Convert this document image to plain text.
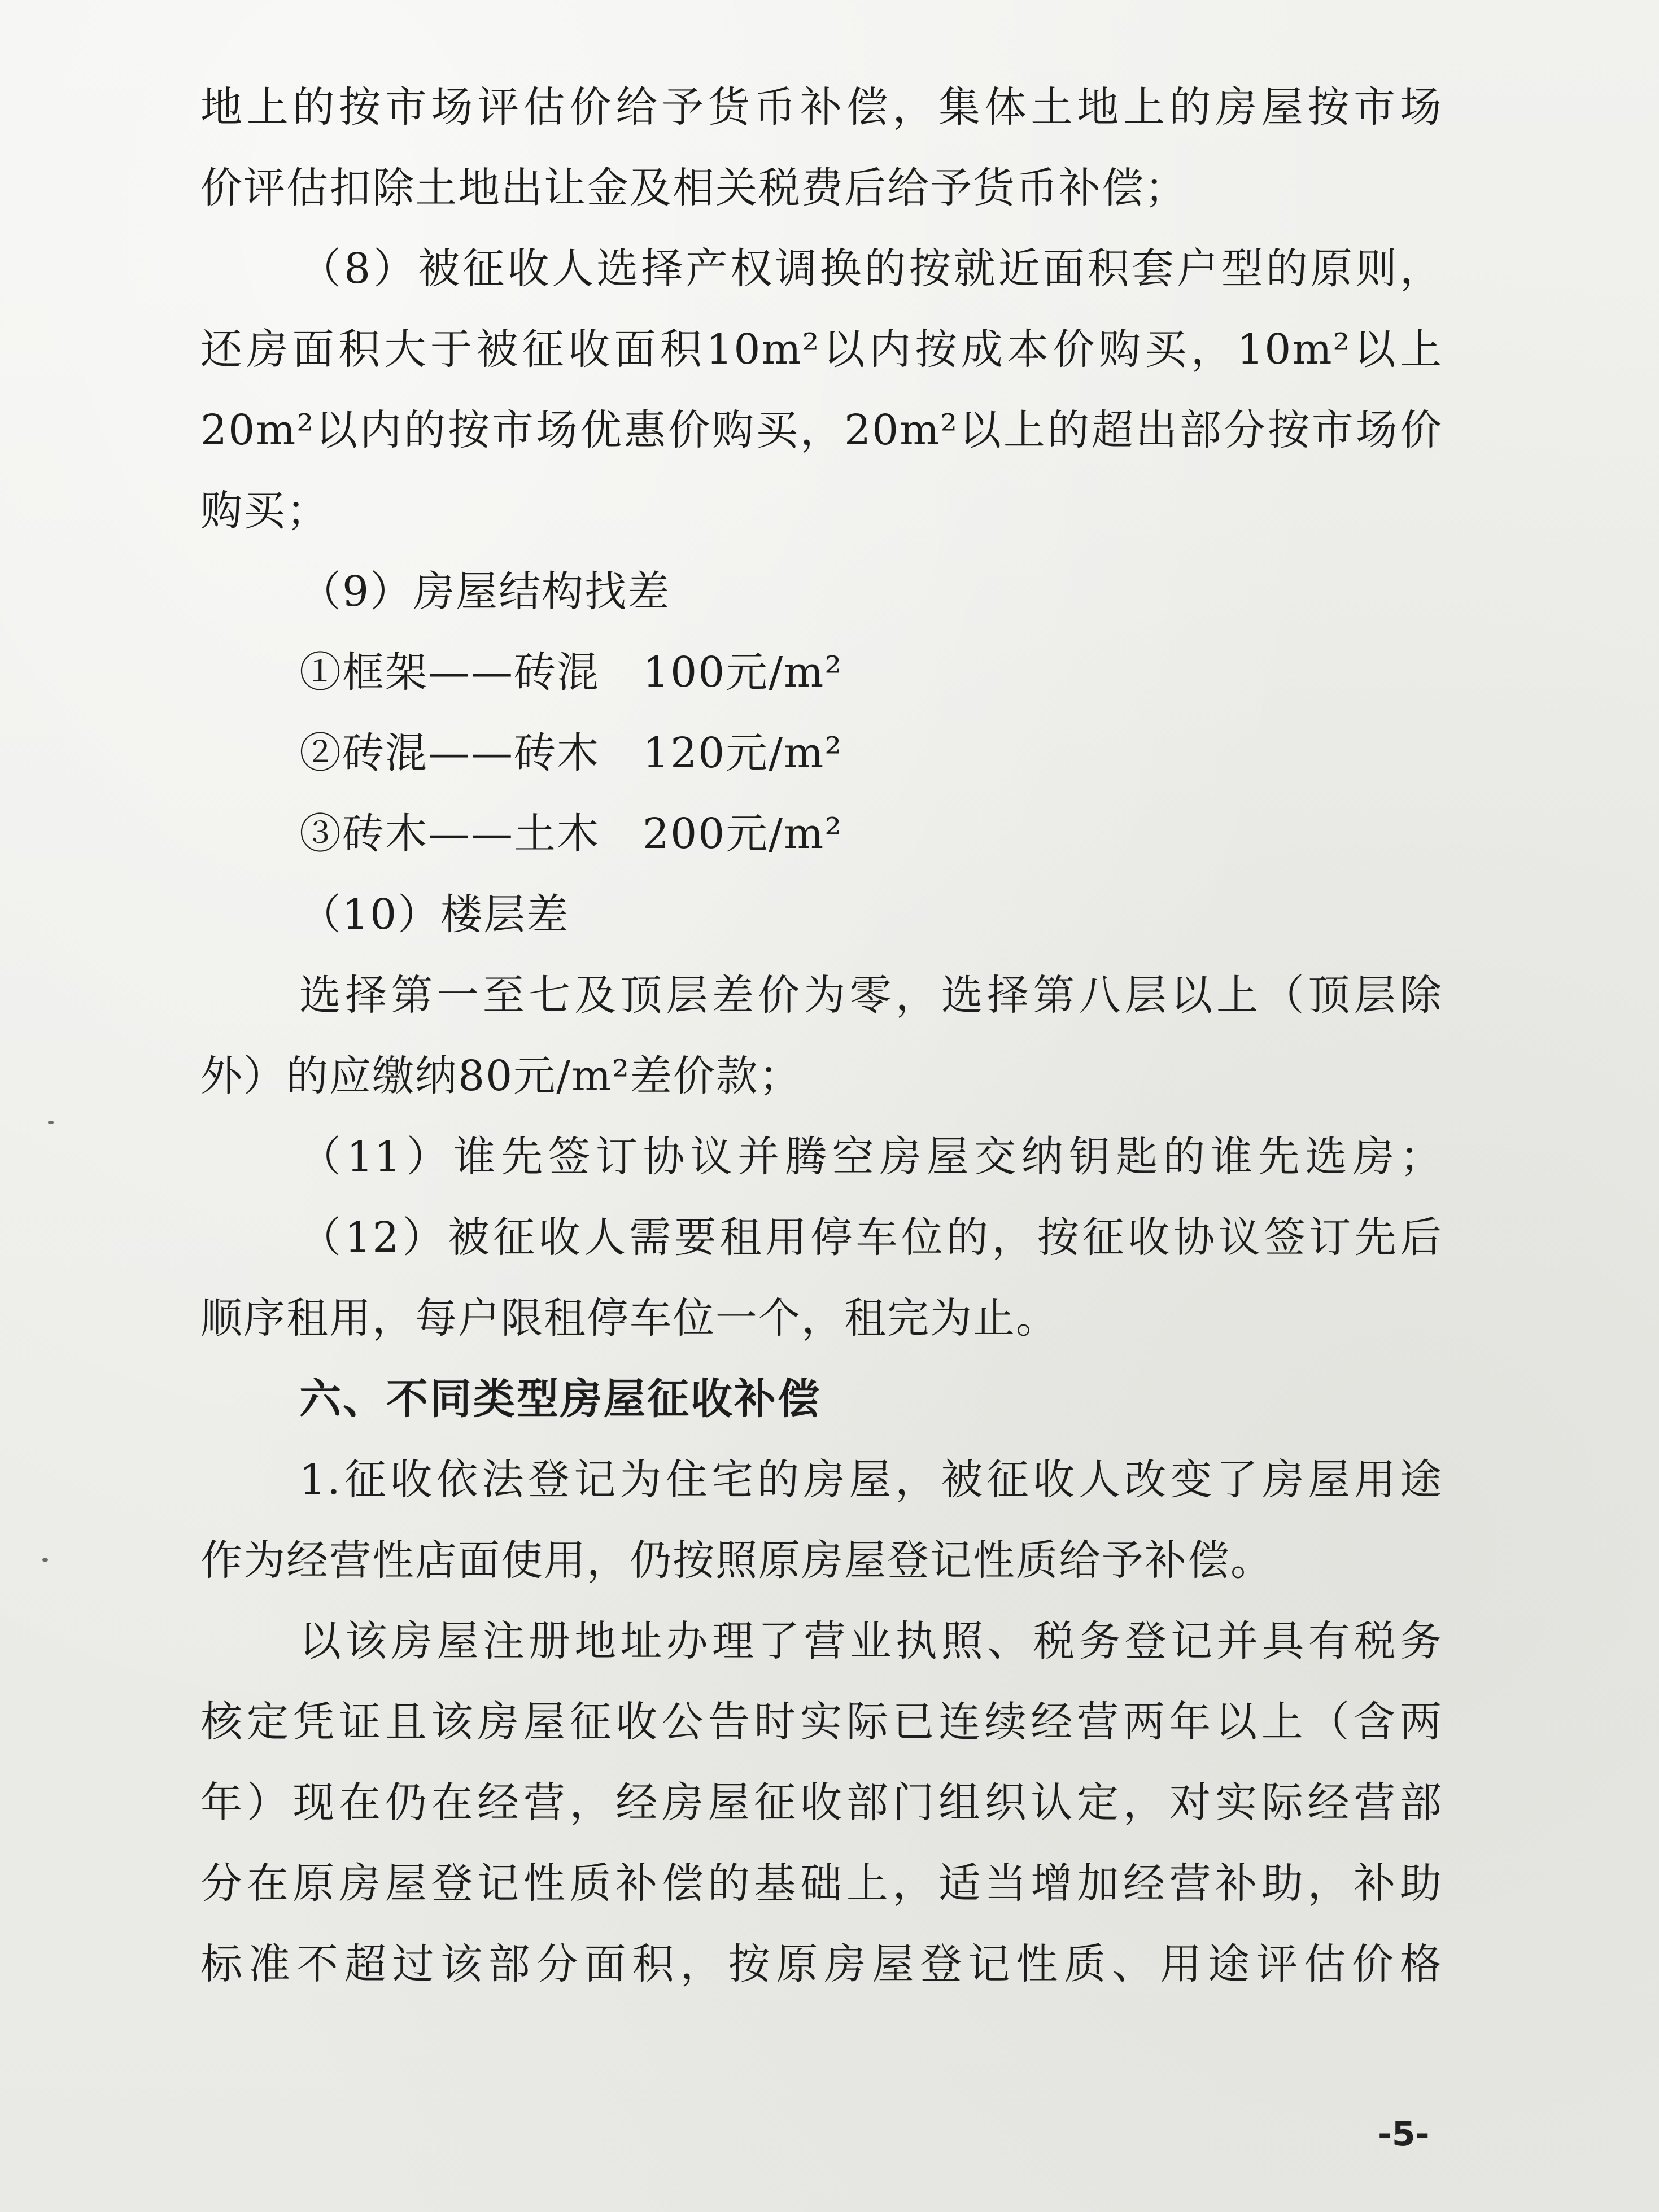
地上的按市场评估价给予货币补偿，集体土地上的房屋按市场
价评估扣除土地出让金及相关税费后给予货币补偿；
（8）被征收人选择产权调换的按就近面积套户型的原则，
还房面积大于被征收面积10m²以内按成本价购买，10m²以上
20m²以内的按市场优惠价购买，20m²以上的超出部分按市场价
购买；
（9）房屋结构找差
①框架——砖混　100元/m²
②砖混——砖木　120元/m²
③砖木——土木　200元/m²
（10）楼层差
选择第一至七及顶层差价为零，选择第八层以上（顶层除
外）的应缴纳80元/m²差价款；
（11）谁先签订协议并腾空房屋交纳钥匙的谁先选房；
（12）被征收人需要租用停车位的，按征收协议签订先后
顺序租用，每户限租停车位一个，租完为止。
六、不同类型房屋征收补偿
1.征收依法登记为住宅的房屋，被征收人改变了房屋用途
作为经营性店面使用，仍按照原房屋登记性质给予补偿。
以该房屋注册地址办理了营业执照、税务登记并具有税务
核定凭证且该房屋征收公告时实际已连续经营两年以上（含两
年）现在仍在经营，经房屋征收部门组织认定，对实际经营部
分在原房屋登记性质补偿的基础上，适当增加经营补助，补助
标准不超过该部分面积，按原房屋登记性质、用途评估价格
-5-
